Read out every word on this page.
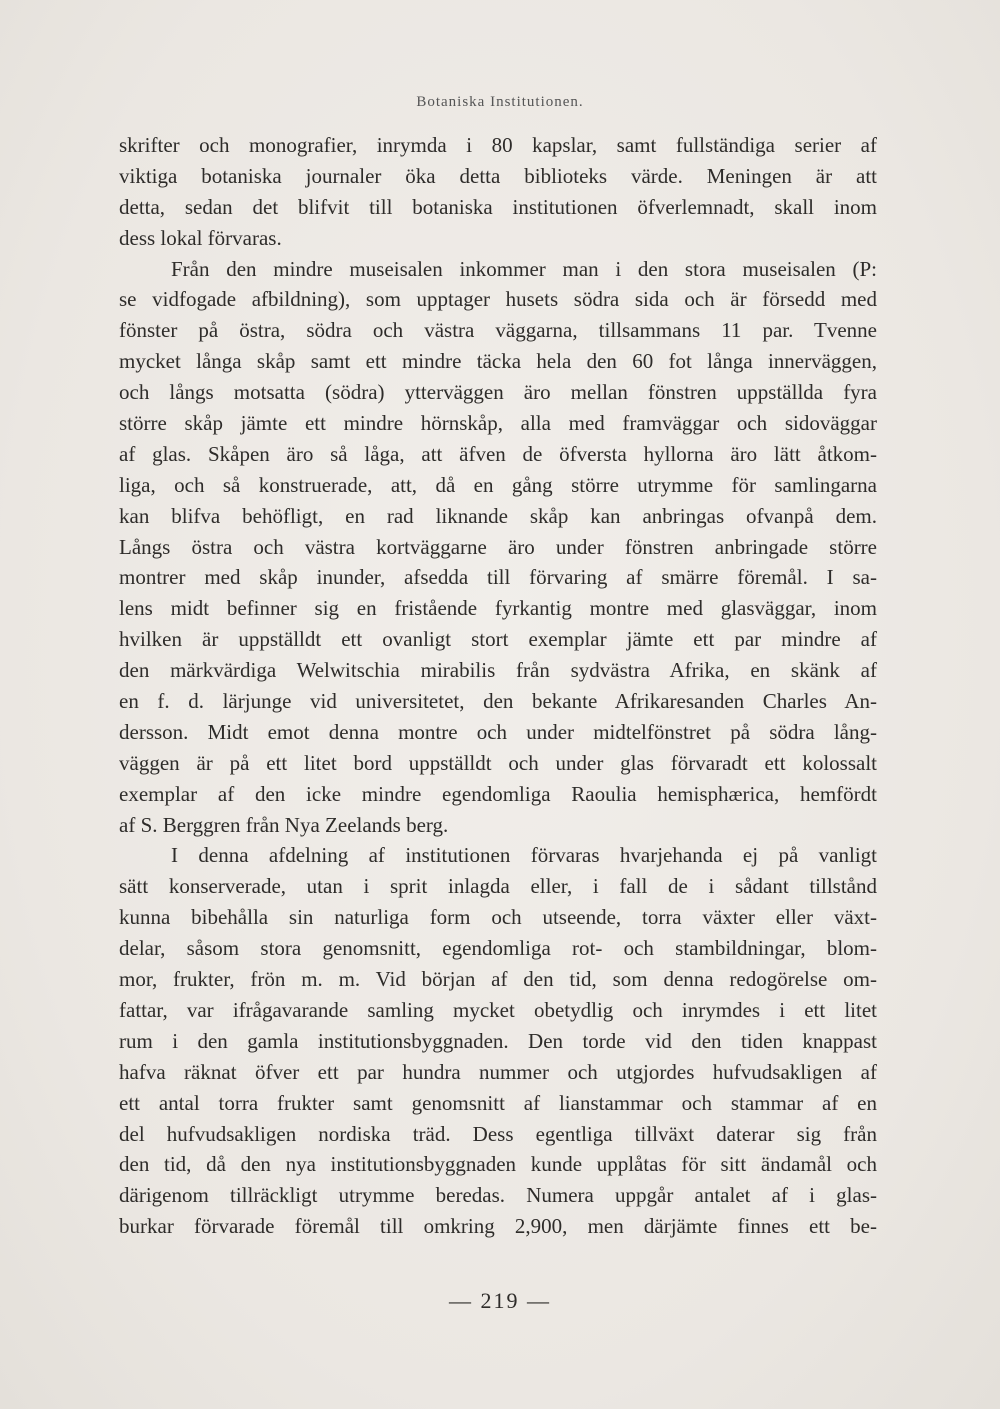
Botaniska Institutionen.
skrifter och monografier, inrymda i 80 kapslar, samt fullständiga serier af
viktiga botaniska journaler öka detta biblioteks värde. Meningen är att
detta, sedan det blifvit till botaniska institutionen öfverlemnadt, skall inom
dess lokal förvaras.
Från den mindre museisalen inkommer man i den stora museisalen (P:
se vidfogade afbildning), som upptager husets södra sida och är försedd med
fönster på östra, södra och västra väggarna, tillsammans 11 par. Tvenne
mycket långa skåp samt ett mindre täcka hela den 60 fot långa innerväggen,
och långs motsatta (södra) ytterväggen äro mellan fönstren uppställda fyra
större skåp jämte ett mindre hörnskåp, alla med framväggar och sidoväggar
af glas. Skåpen äro så låga, att äfven de öfversta hyllorna äro lätt åtkom-
liga, och så konstruerade, att, då en gång större utrymme för samlingarna
kan blifva behöfligt, en rad liknande skåp kan anbringas ofvanpå dem.
Långs östra och västra kortväggarne äro under fönstren anbringade större
montrer med skåp inunder, afsedda till förvaring af smärre föremål. I sa-
lens midt befinner sig en fristående fyrkantig montre med glasväggar, inom
hvilken är uppställdt ett ovanligt stort exemplar jämte ett par mindre af
den märkvärdiga Welwitschia mirabilis från sydvästra Afrika, en skänk af
en f. d. lärjunge vid universitetet, den bekante Afrikaresanden Charles An-
dersson. Midt emot denna montre och under midtelfönstret på södra lång-
väggen är på ett litet bord uppställdt och under glas förvaradt ett kolossalt
exemplar af den icke mindre egendomliga Raoulia hemisphærica, hemfördt
af S. Berggren från Nya Zeelands berg.
I denna afdelning af institutionen förvaras hvarjehanda ej på vanligt
sätt konserverade, utan i sprit inlagda eller, i fall de i sådant tillstånd
kunna bibehålla sin naturliga form och utseende, torra växter eller växt-
delar, såsom stora genomsnitt, egendomliga rot- och stambildningar, blom-
mor, frukter, frön m. m. Vid början af den tid, som denna redogörelse om-
fattar, var ifrågavarande samling mycket obetydlig och inrymdes i ett litet
rum i den gamla institutionsbyggnaden. Den torde vid den tiden knappast
hafva räknat öfver ett par hundra nummer och utgjordes hufvudsakligen af
ett antal torra frukter samt genomsnitt af lianstammar och stammar af en
del hufvudsakligen nordiska träd. Dess egentliga tillväxt daterar sig från
den tid, då den nya institutionsbyggnaden kunde upplåtas för sitt ändamål och
därigenom tillräckligt utrymme beredas. Numera uppgår antalet af i glas-
burkar förvarade föremål till omkring 2,900, men därjämte finnes ett be-
— 219 —
